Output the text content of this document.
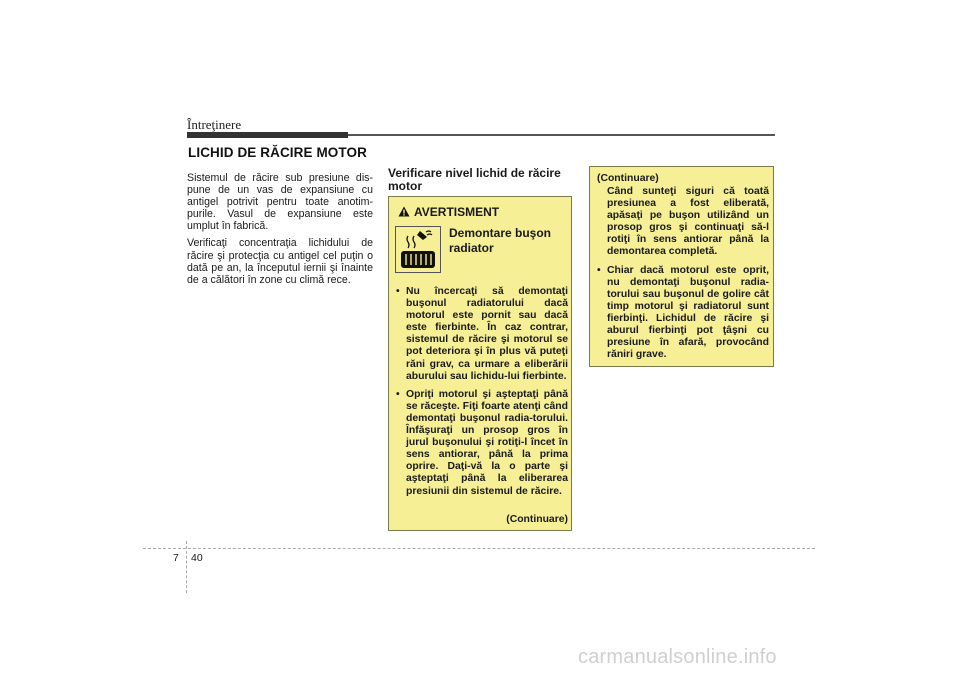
Întreţinere
LICHID DE RĂCIRE MOTOR

Sistemul de răcire sub presiune dis-pune de un vas de expansiune cu antigel potrivit pentru toate anotim-purile. Vasul de expansiune este umplut în fabrică.

Verificaţi concentraţia lichidului de răcire şi protecţia cu antigel cel puţin o dată pe an, la începutul iernii şi înainte de a călători în zone cu climă rece.

Verificare nivel lichid de răcire motor
AVERTISMENT
Demontare buşon radiator
• Nu încercaţi să demontaţi buşonul radiatorului dacă motorul este pornit sau dacă este fierbinte. În caz contrar, sistemul de răcire şi motorul se pot deteriora şi în plus vă puteţi răni grav, ca urmare a eliberării aburului sau lichidu-lui fierbinte.
• Opriţi motorul şi aşteptaţi până se răceşte. Fiţi foarte atenţi când demontaţi buşonul radia-torului. Înfăşuraţi un prosop gros în jurul buşonului şi rotiţi-l încet în sens antiorar, până la prima oprire. Daţi-vă la o parte şi aşteptaţi până la eliberarea presiunii din sistemul de răcire.
(Continuare)
(Continuare)
Când sunteţi siguri că toată presiunea a fost eliberată, apăsaţi pe buşon utilizând un prosop gros şi continuaţi să-l rotiţi în sens antiorar până la demontarea completă.
• Chiar dacă motorul este oprit, nu demontaţi buşonul radia-torului sau buşonul de golire cât timp motorul şi radiatorul sunt fierbinţi. Lichidul de răcire şi aburul fierbinţi pot ţâşni cu presiune în afară, provocând răniri grave.
7 40
carmanualsonline.info
